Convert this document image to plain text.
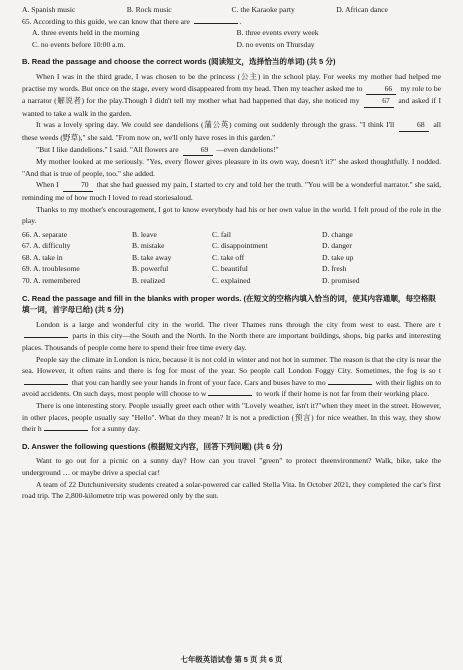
A. Spanish music	B. Rock music	C. the Karaoke party	D. African dance
65. According to this guide, we can know that there are	.
A. three events held in the morning	B. three events every week
C. no events before 10:00 a.m.	D. no events on Thursday
B. Read the passage and choose the correct words (阅读短文，选择恰当的单词) (共 5 分)

When I was in the third grade, I was chosen to be the princess (公主) in the school play. For weeks my mother had helped me practise my words. But once on the stage, every word disappeared from my head. Then my teacher asked me to	66 my role to be a narrator (解说者) for the play.Though I didn't tell my mother what had happened that day, she noticed my	67 and asked if I wanted to take a walk in the garden.

It was a lovely spring day. We could see dandelions (蒲公英) coming out suddenly through the grass. "I think I'll	68 all these weeds (野草)," she said. "From now on, we'll only have roses in this garden."

"But I like dandelions." I said. "All flowers are	69 —even dandelions!"

My mother looked at me seriously. "Yes, every flower gives pleasure in its own way, doesn't it?" she asked thoughtfully. I nodded. "And that is true of people, too." she added.

When I	70 that she had guessed my pain, I started to cry and told her the truth. "You will be a wonderful narrator." she said, reminding me of how much I loved to read storiesaloud.

Thanks to my mother's encouragement, I got to know everybody had his or her own value in the world. I felt proud of the role in the play.

66. A. separate	B. leave	C. fail	D. change
67. A. difficulty	B. mistake	C. disappointment	D. danger
68. A. take in	B. take away	C. take off	D. take up
69. A. troublesome	B. powerful	C. beautiful	D. fresh
70. A. remembered	B. realized	C. explained	D. promised
C. Read the passage and fill in the blanks with proper words. (在短文的空格内填入恰当的词，使其内容通顺，每空格限填一词，首字母已给) (共 5 分)

London is a large and wonderful city in the world. The river Thames runs through the city from west to east. There are t parts in this city—the South and the North. In the North there are important buildings, shops, big parks and interesting places. Thousands of people come here to spend their free time every day.

People say the climate in London is nice, because it is not cold in winter and not hot in summer. The reason is that the city is near the sea. However, it often rains and there is fog for most of the year. So people call London Foggy City. Sometimes, the fog is so t that you can hardly see your hands in front of your face. Cars and buses have to mo	with their lights on to avoid accidents. On such days, most people will choose to w	to work if their home is not far from their working place.

There is one interesting story. People usually greet each other with "Lovely weather, isn't it?"when they meet in the street. However, in other places, people usually say "Hello". What do they mean? It is not a prediction (预言) for nice weather. In this way, they show their h	for a sunny day.

D. Answer the following questions (根据短文内容，回答下列问题) (共 6 分)

Want to go out for a picnic on a sunny day? How can you travel "green" to protect theenvironment? Walk, bike, take the underground … or maybe drive a special car!

A team of 22 Dutchuniversity students created a solar-powered car called Stella Vita. In October 2021, they completed the car's first road trip. The 2,800-kilometre trip was powered only by the sun.

七年级英语试卷 第 5 页 共 6 页
